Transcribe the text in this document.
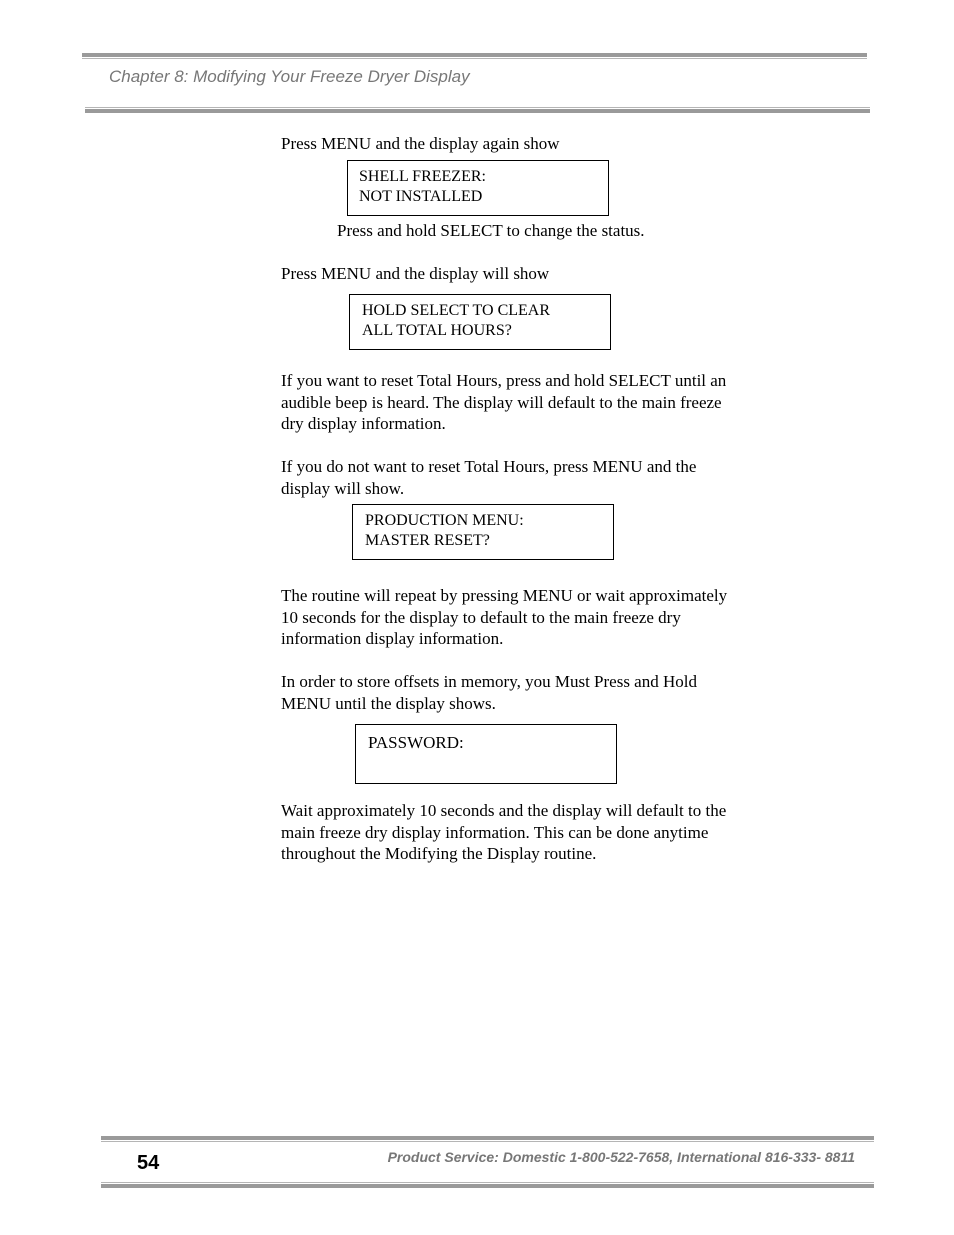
Chapter 8: Modifying Your Freeze Dryer Display

Press MENU and the display again show

SHELL FREEZER:
NOT INSTALLED

Press and hold SELECT to change the status.

Press MENU and the display will show

HOLD SELECT TO CLEAR
ALL TOTAL HOURS?

If you want to reset Total Hours, press and hold SELECT until an
audible beep is heard. The display will default to the main freeze
dry display information.

If you do not want to reset Total Hours, press MENU and the
display will show.

PRODUCTION MENU:
MASTER RESET?

The routine will repeat by pressing MENU or wait approximately
10 seconds for the display to default to the main freeze dry
information display information.

In order to store offsets in memory, you Must Press and Hold
MENU until the display shows.

PASSWORD:

Wait approximately 10 seconds and the display will default to the
main freeze dry display information. This can be done anytime
throughout the Modifying the Display routine.

54	Product Service: Domestic 1-800-522-7658, International 816-333- 8811
